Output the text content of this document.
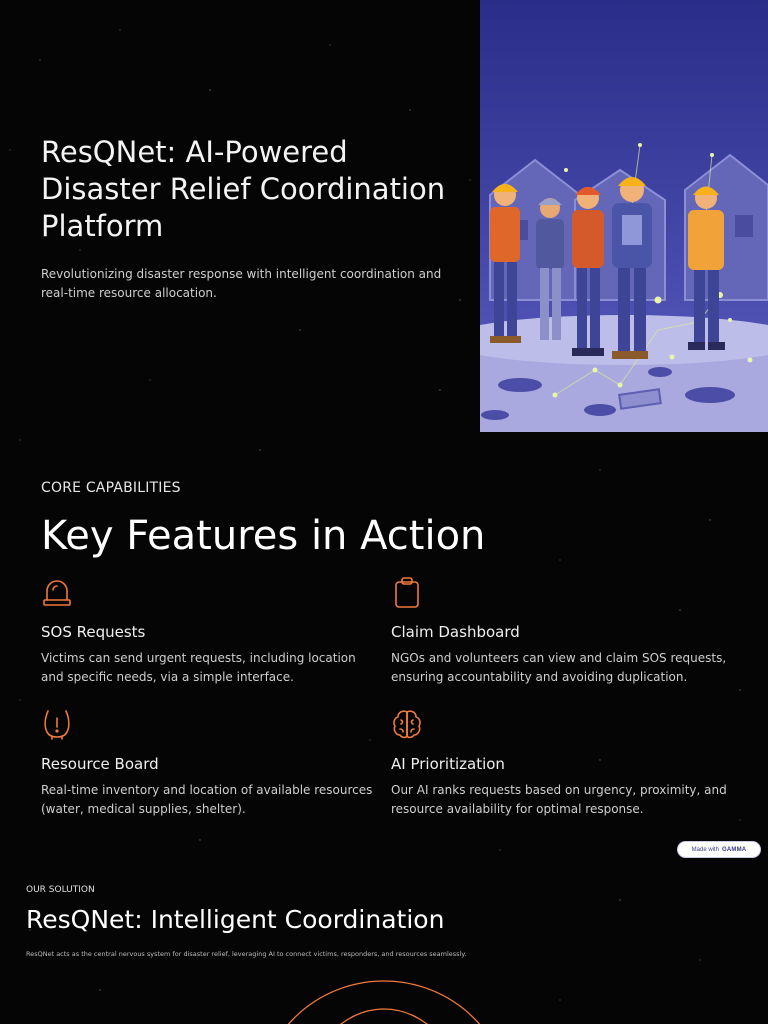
ResQNet: AI-Powered Disaster Relief Coordination Platform

Revolutionizing disaster response with intelligent coordination and real-time resource allocation.

CORE CAPABILITIES

Key Features in Action
SOS Requests

Victims can send urgent requests, including location and specific needs, via a simple interface.

Claim Dashboard

NGOs and volunteers can view and claim SOS requests, ensuring accountability and avoiding duplication.

Resource Board

Real-time inventory and location of available resources (water, medical supplies, shelter).

AI Prioritization

Our AI ranks requests based on urgency, proximity, and resource availability for optimal response.

Made with GAMMA

OUR SOLUTION

ResQNet: Intelligent Coordination

ResQNet acts as the central nervous system for disaster relief, leveraging AI to connect victims, responders, and resources seamlessly.
